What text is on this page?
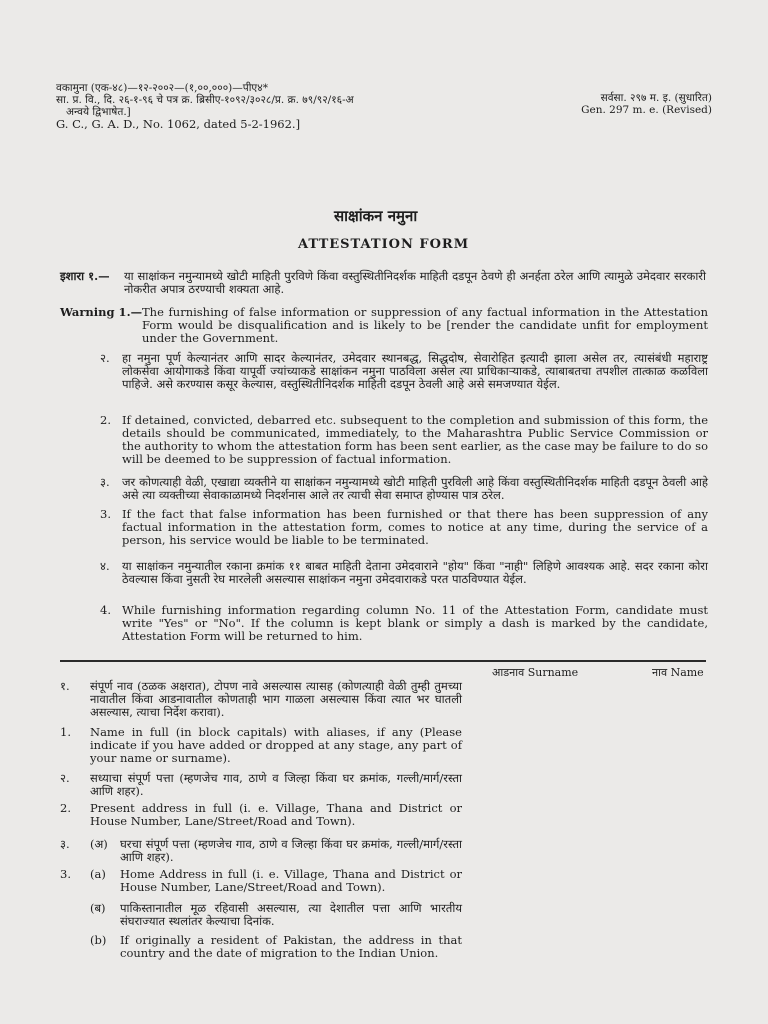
वकामुना (एक-४८)—१२-२००२—(१,००,०००)—पीए४*
सा. प्र. वि., दि. २६-१-९६ चे पत्र क्र. ब्रिसीए-१०९२/३०२८/प्र. क्र. ७९/९२/१६-अ
अन्वये द्विभाषेत.]
G. C., G. A. D., No. 1062, dated 5-2-1962.]
सर्वसा. २९७ म. इ. (सुधारित)
Gen. 297 m. e. (Revised)
साक्षांकन नमुना
ATTESTATION FORM
इशारा १.— या साक्षांकन नमुन्यामध्ये खोटी माहिती पुरविणे किंवा वस्तुस्थितीनिदर्शक माहिती दडपून ठेवणे ही अनर्हता ठरेल आणि त्यामुळे उमेदवार सरकारी नोकरीत अपात्र ठरण्याची शक्यता आहे.
Warning 1.— The furnishing of false information or suppression of any factual information in the Attestation Form would be disqualification and is likely to be [render the candidate unfit for employment under the Government.
२. हा नमुना पूर्ण केल्यानंतर आणि सादर केल्यानंतर, उमेदवार स्थानबद्ध, सिद्धदोष, सेवारोहित इत्यादी झाला असेल तर, त्यासंबंधी महाराष्ट्र लोकसेवा आयोगाकडे किंवा यापूर्वी ज्यांच्याकडे साक्षांकन नमुना पाठविला असेल त्या प्राधिकाऱ्याकडे, त्याबाबतचा तपशील तात्काळ कळविला पाहिजे. असे करण्यास कसूर केल्यास, वस्तुस्थितीनिदर्शक माहिती दडपून ठेवली आहे असे समजण्यात येईल.
2. If detained, convicted, debarred etc. subsequent to the completion and submission of this form, the details should be communicated, immediately, to the Maharashtra Public Service Commission or the authority to whom the attestation form has been sent earlier, as the case may be failure to do so will be deemed to be suppression of factual information.
३. जर कोणत्याही वेळी, एखाद्या व्यक्तीने या साक्षांकन नमुन्यामध्ये खोटी माहिती पुरविली आहे किंवा वस्तुस्थितीनिदर्शक माहिती दडपून ठेवली आहे असे त्या व्यक्तीच्या सेवाकाळामध्ये निदर्शनास आले तर त्याची सेवा समाप्त होण्यास पात्र ठरेल.
3. If the fact that false information has been furnished or that there has been suppression of any factual information in the attestation form, comes to notice at any time, during the service of a person, his service would be liable to be terminated.
४. या साक्षांकन नमुन्यातील रकाना क्रमांक ११ बाबत माहिती देताना उमेदवाराने "होय" किंवा "नाही" लिहिणे आवश्यक आहे. सदर रकाना कोरा ठेवल्यास किंवा नुसती रेघ मारलेली असल्यास साक्षांकन नमुना उमेदवाराकडे परत पाठविण्यात येईल.
4. While furnishing information regarding column No. 11 of the Attestation Form, candidate must write "Yes" or "No". If the column is kept blank or simply a dash is marked by the candidate, Attestation Form will be returned to him.
आडनाव Surname	नाव Name
१. संपूर्ण नाव (ठळक अक्षरात), टोपण नावे असल्यास त्यासह (कोणत्याही वेळी तुम्ही तुमच्या नावातील किंवा आडनावातील कोणताही भाग गाळला असल्यास किंवा त्यात भर घातली असल्यास, त्याचा निर्देश करावा).
1. Name in full (in block capitals) with aliases, if any (Please indicate if you have added or dropped at any stage, any part of your name or surname).
२. सध्याचा संपूर्ण पत्ता (म्हणजेच गाव, ठाणे व जिल्हा किंवा घर क्रमांक, गल्ली/मार्ग/रस्ता आणि शहर).
2. Present address in full (i. e. Village, Thana and District or House Number, Lane/Street/Road and Town).
३. (अ) घरचा संपूर्ण पत्ता (म्हणजेच गाव, ठाणे व जिल्हा किंवा घर क्रमांक, गल्ली/मार्ग/रस्ता आणि शहर).
3. (a) Home Address in full (i. e. Village, Thana and District or House Number, Lane/Street/Road and Town).
(ब) पाकिस्तानातील मूळ रहिवासी असल्यास, त्या देशातील पत्ता आणि भारतीय संघराज्यात स्थलांतर केल्याचा दिनांक.
(b) If originally a resident of Pakistan, the address in that country and the date of migration to the Indian Union.
